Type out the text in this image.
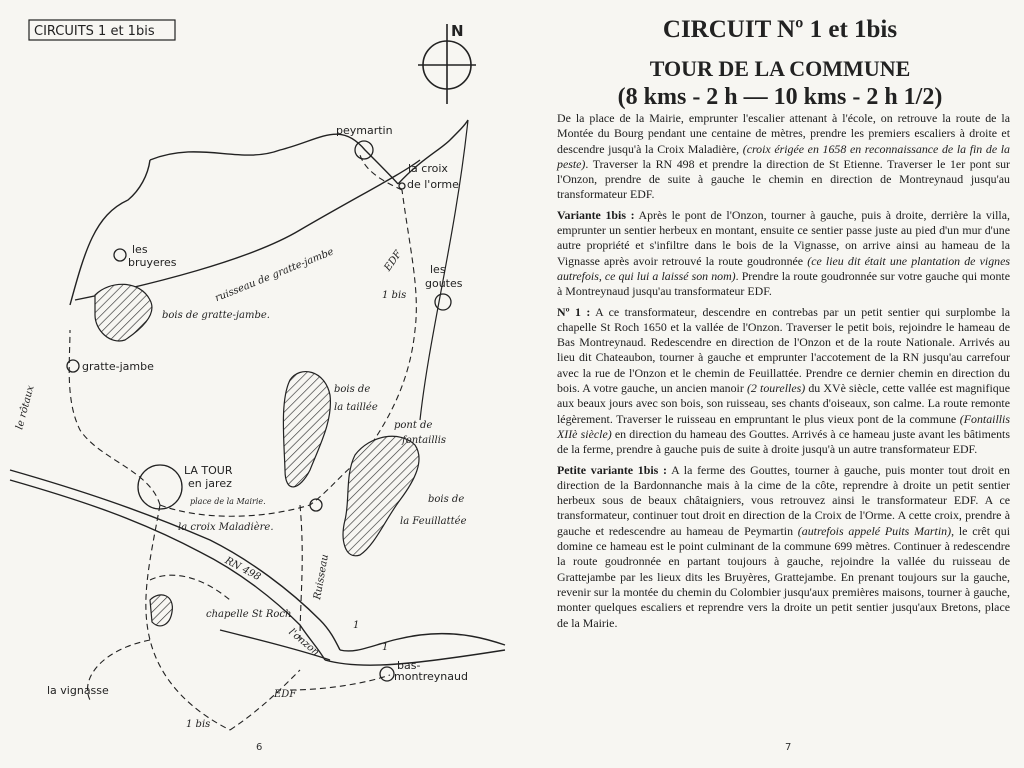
CIRCUITS 1 et 1bis	N
peymartin
la croix
de l'orme
les
bruyeres	ruisseau de gratte-jambe	EDF les
goutes
1 bis
bois de gratte-jambe.
gratte-jambe
le rôtaux	bois de
la taillée
pont de
fontaillis
LA TOUR
en jarez
place de la Mairie.
la croix Maladière.
bois de
la Feuillattée
RN 498
chapelle St Roch
Ruisseau
l'onzon
1
1
bas-
montreynaud
EDF
la vignasse
1 bis
6
CIRCUIT Nº 1 et 1bis
TOUR DE LA COMMUNE
(8 kms - 2 h — 10 kms - 2 h 1/2)

De la place de la Mairie, emprunter l'escalier attenant à l'école, on retrouve la route de la Montée du Bourg pendant une centaine de mètres, prendre les premiers escaliers à droite et descendre jusqu'à la Croix Maladière, (croix érigée en 1658 en reconnaissance de la fin de la peste). Traverser la RN 498 et prendre la direction de St Etienne. Traverser le 1er pont sur l'Onzon, prendre de suite à gauche le chemin en direction de Montreynaud jusqu'au transformateur EDF.

Variante 1bis : Après le pont de l'Onzon, tourner à gauche, puis à droite, derrière la villa, emprunter un sentier herbeux en montant, ensuite ce sentier passe juste au pied d'un mur d'une autre propriété et s'infiltre dans le bois de la Vignasse, on arrive ainsi au hameau de la Vignasse après avoir retrouvé la route goudronnée (ce lieu dit était une plantation de vignes autrefois, ce qui lui a laissé son nom). Prendre la route goudronnée sur votre gauche qui monte à Montreynaud jusqu'au transformateur EDF.

Nº 1 : A ce transformateur, descendre en contrebas par un petit sentier qui surplombe la chapelle St Roch 1650 et la vallée de l'Onzon. Traverser le petit bois, rejoindre le hameau de Bas Montreynaud. Redescendre en direction de l'Onzon et de la route Nationale. Arrivés au lieu dit Chateaubon, tourner à gauche et emprunter l'accotement de la RN jusqu'au carrefour avec la rue de l'Onzon et le chemin de Feuillattée. Prendre ce dernier chemin en direction du bois. A votre gauche, un ancien manoir (2 tourelles) du XVè siècle, cette vallée est magnifique aux beaux jours avec son bois, son ruisseau, ses chants d'oiseaux, son calme. La route remonte légèrement. Traverser le ruisseau en empruntant le plus vieux pont de la commune (Fontaillis XIIè siècle) en direction du hameau des Gouttes. Arrivés à ce hameau juste avant les bâtiments de la ferme, prendre à gauche puis de suite à droite jusqu'à un autre transformateur EDF.

Petite variante 1bis : A la ferme des Gouttes, tourner à gauche, puis monter tout droit en direction de la Bardonnanche mais à la cime de la côte, reprendre à droite un petit sentier herbeux sous de beaux châtaigniers, vous retrouvez ainsi le transformateur EDF. A ce transformateur, continuer tout droit en direction de la Croix de l'Orme. A cette croix, prendre à gauche et redescendre au hameau de Peymartin (autrefois appelé Puits Martin), le crêt qui domine ce hameau est le point culminant de la commune 699 mètres. Continuer à redescendre la route goudronnée en partant toujours à gauche, rejoindre la vallée du ruisseau de Grattejambe par les lieux dits les Bruyères, Grattejambe. En prenant toujours sur la gauche, revenir sur la montée du chemin du Colombier jusqu'aux premières maisons, tourner à gauche, monter quelques escaliers et reprendre vers la droite un petit sentier jusqu'aux Bretons, place de la Mairie.

7
